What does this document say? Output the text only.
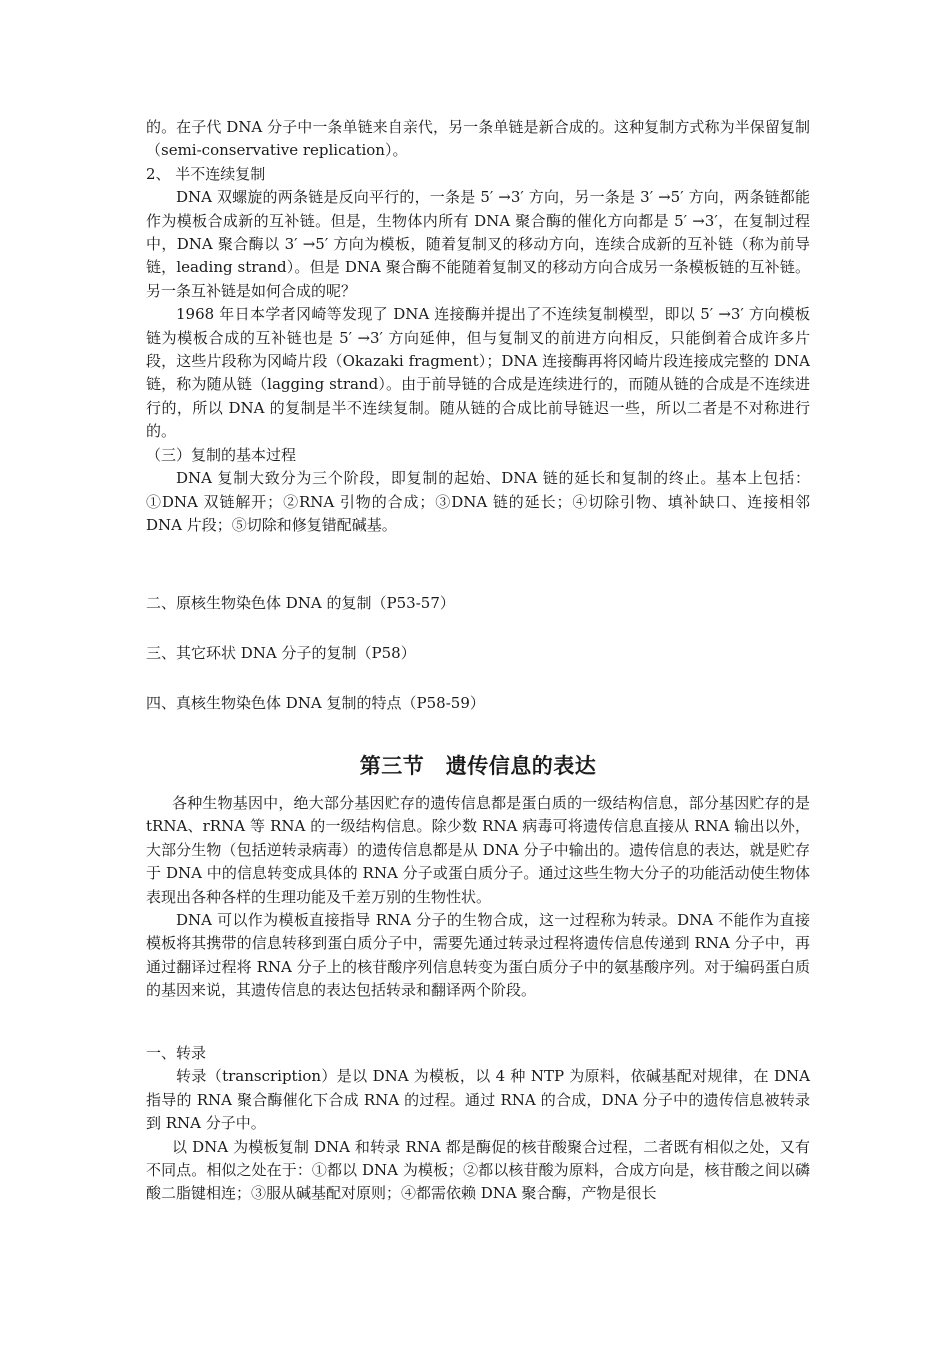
的。在子代 DNA 分子中一条单链来自亲代，另一条单链是新合成的。这种复制方式称为半保留复制（semi-conservative replication）。

2、 半不连续复制

DNA 双螺旋的两条链是反向平行的，一条是 5′ →3′ 方向，另一条是 3′ →5′ 方向，两条链都能作为模板合成新的互补链。但是，生物体内所有 DNA 聚合酶的催化方向都是 5′ →3′，在复制过程中，DNA 聚合酶以 3′ →5′ 方向为模板，随着复制叉的移动方向，连续合成新的互补链（称为前导链，leading strand）。但是 DNA 聚合酶不能随着复制叉的移动方向合成另一条模板链的互补链。另一条互补链是如何合成的呢？

1968 年日本学者冈崎等发现了 DNA 连接酶并提出了不连续复制模型，即以 5′ →3′ 方向模板链为模板合成的互补链也是 5′ →3′ 方向延伸，但与复制叉的前进方向相反，只能倒着合成许多片段，这些片段称为冈崎片段（Okazaki fragment）；DNA 连接酶再将冈崎片段连接成完整的 DNA 链，称为随从链（lagging strand）。由于前导链的合成是连续进行的，而随从链的合成是不连续进行的，所以 DNA 的复制是半不连续复制。随从链的合成比前导链迟一些，所以二者是不对称进行的。

（三）复制的基本过程

DNA 复制大致分为三个阶段，即复制的起始、DNA 链的延长和复制的终止。基本上包括：①DNA 双链解开；②RNA 引物的合成；③DNA 链的延长；④切除引物、填补缺口、连接相邻 DNA 片段；⑤切除和修复错配碱基。

二、原核生物染色体 DNA 的复制（P53-57）

三、其它环状 DNA 分子的复制（P58）

四、真核生物染色体 DNA 复制的特点（P58-59）

第三节　遗传信息的表达

各种生物基因中，绝大部分基因贮存的遗传信息都是蛋白质的一级结构信息，部分基因贮存的是 tRNA、rRNA 等 RNA 的一级结构信息。除少数 RNA 病毒可将遗传信息直接从 RNA 输出以外，大部分生物（包括逆转录病毒）的遗传信息都是从 DNA 分子中输出的。遗传信息的表达，就是贮存于 DNA 中的信息转变成具体的 RNA 分子或蛋白质分子。通过这些生物大分子的功能活动使生物体表现出各种各样的生理功能及千差万别的生物性状。

DNA 可以作为模板直接指导 RNA 分子的生物合成，这一过程称为转录。DNA 不能作为直接模板将其携带的信息转移到蛋白质分子中，需要先通过转录过程将遗传信息传递到 RNA 分子中，再通过翻译过程将 RNA 分子上的核苷酸序列信息转变为蛋白质分子中的氨基酸序列。对于编码蛋白质的基因来说，其遗传信息的表达包括转录和翻译两个阶段。

一、转录

转录（transcription）是以 DNA 为模板，以 4 种 NTP 为原料，依碱基配对规律，在 DNA 指导的 RNA 聚合酶催化下合成 RNA 的过程。通过 RNA 的合成，DNA 分子中的遗传信息被转录到 RNA 分子中。

以 DNA 为模板复制 DNA 和转录 RNA 都是酶促的核苷酸聚合过程，二者既有相似之处，又有不同点。相似之处在于：①都以 DNA 为模板；②都以核苷酸为原料，合成方向是，核苷酸之间以磷酸二脂键相连；③服从碱基配对原则；④都需依赖 DNA 聚合酶，产物是很长
